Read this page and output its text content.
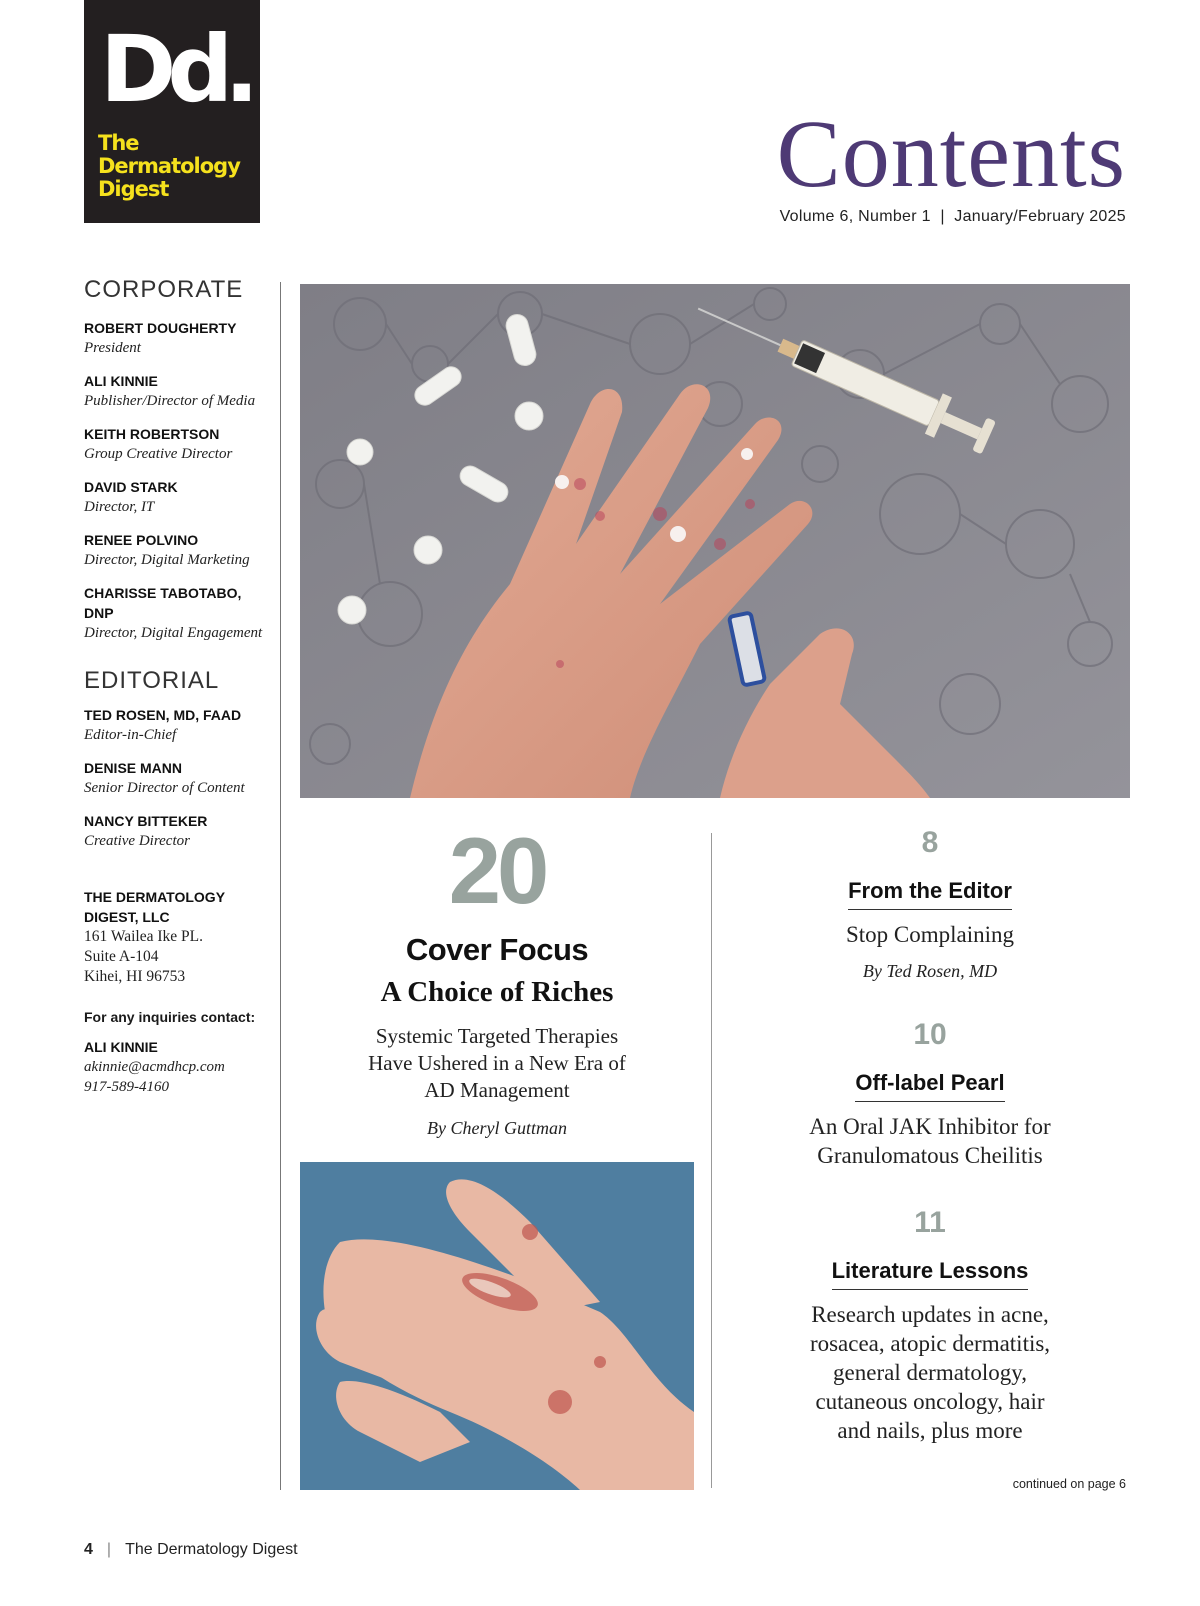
Dd.
The
Dermatology
Digest	Contents
Volume 6, Number 1  |  January/February 2025
CORPORATE
ROBERT DOUGHERTY
President
ALI KINNIE
Publisher/Director of Media
KEITH ROBERTSON
Group Creative Director
DAVID STARK
Director, IT
RENEE POLVINO
Director, Digital Marketing
CHARISSE TABOTABO, DNP
Director, Digital Engagement
EDITORIAL
TED ROSEN, MD, FAAD
Editor-in-Chief
DENISE MANN
Senior Director of Content
NANCY BITTEKER
Creative Director
THE DERMATOLOGY DIGEST, LLC
161 Wailea Ike PL.
Suite A-104
Kihei, HI 96753
For any inquiries contact:
ALI KINNIE
akinnie@acmdhcp.com
917-589-4160
20
Cover Focus
A Choice of Riches
Systemic Targeted Therapies Have Ushered in a New Era of AD Management
By Cheryl Guttman
8
From the Editor
Stop Complaining
By Ted Rosen, MD
10
Off-label Pearl
An Oral JAK Inhibitor for Granulomatous Cheilitis
11
Literature Lessons
Research updates in acne, rosacea, atopic dermatitis, general dermatology, cutaneous oncology, hair and nails, plus more
continued on page 6
4 | The Dermatology Digest
